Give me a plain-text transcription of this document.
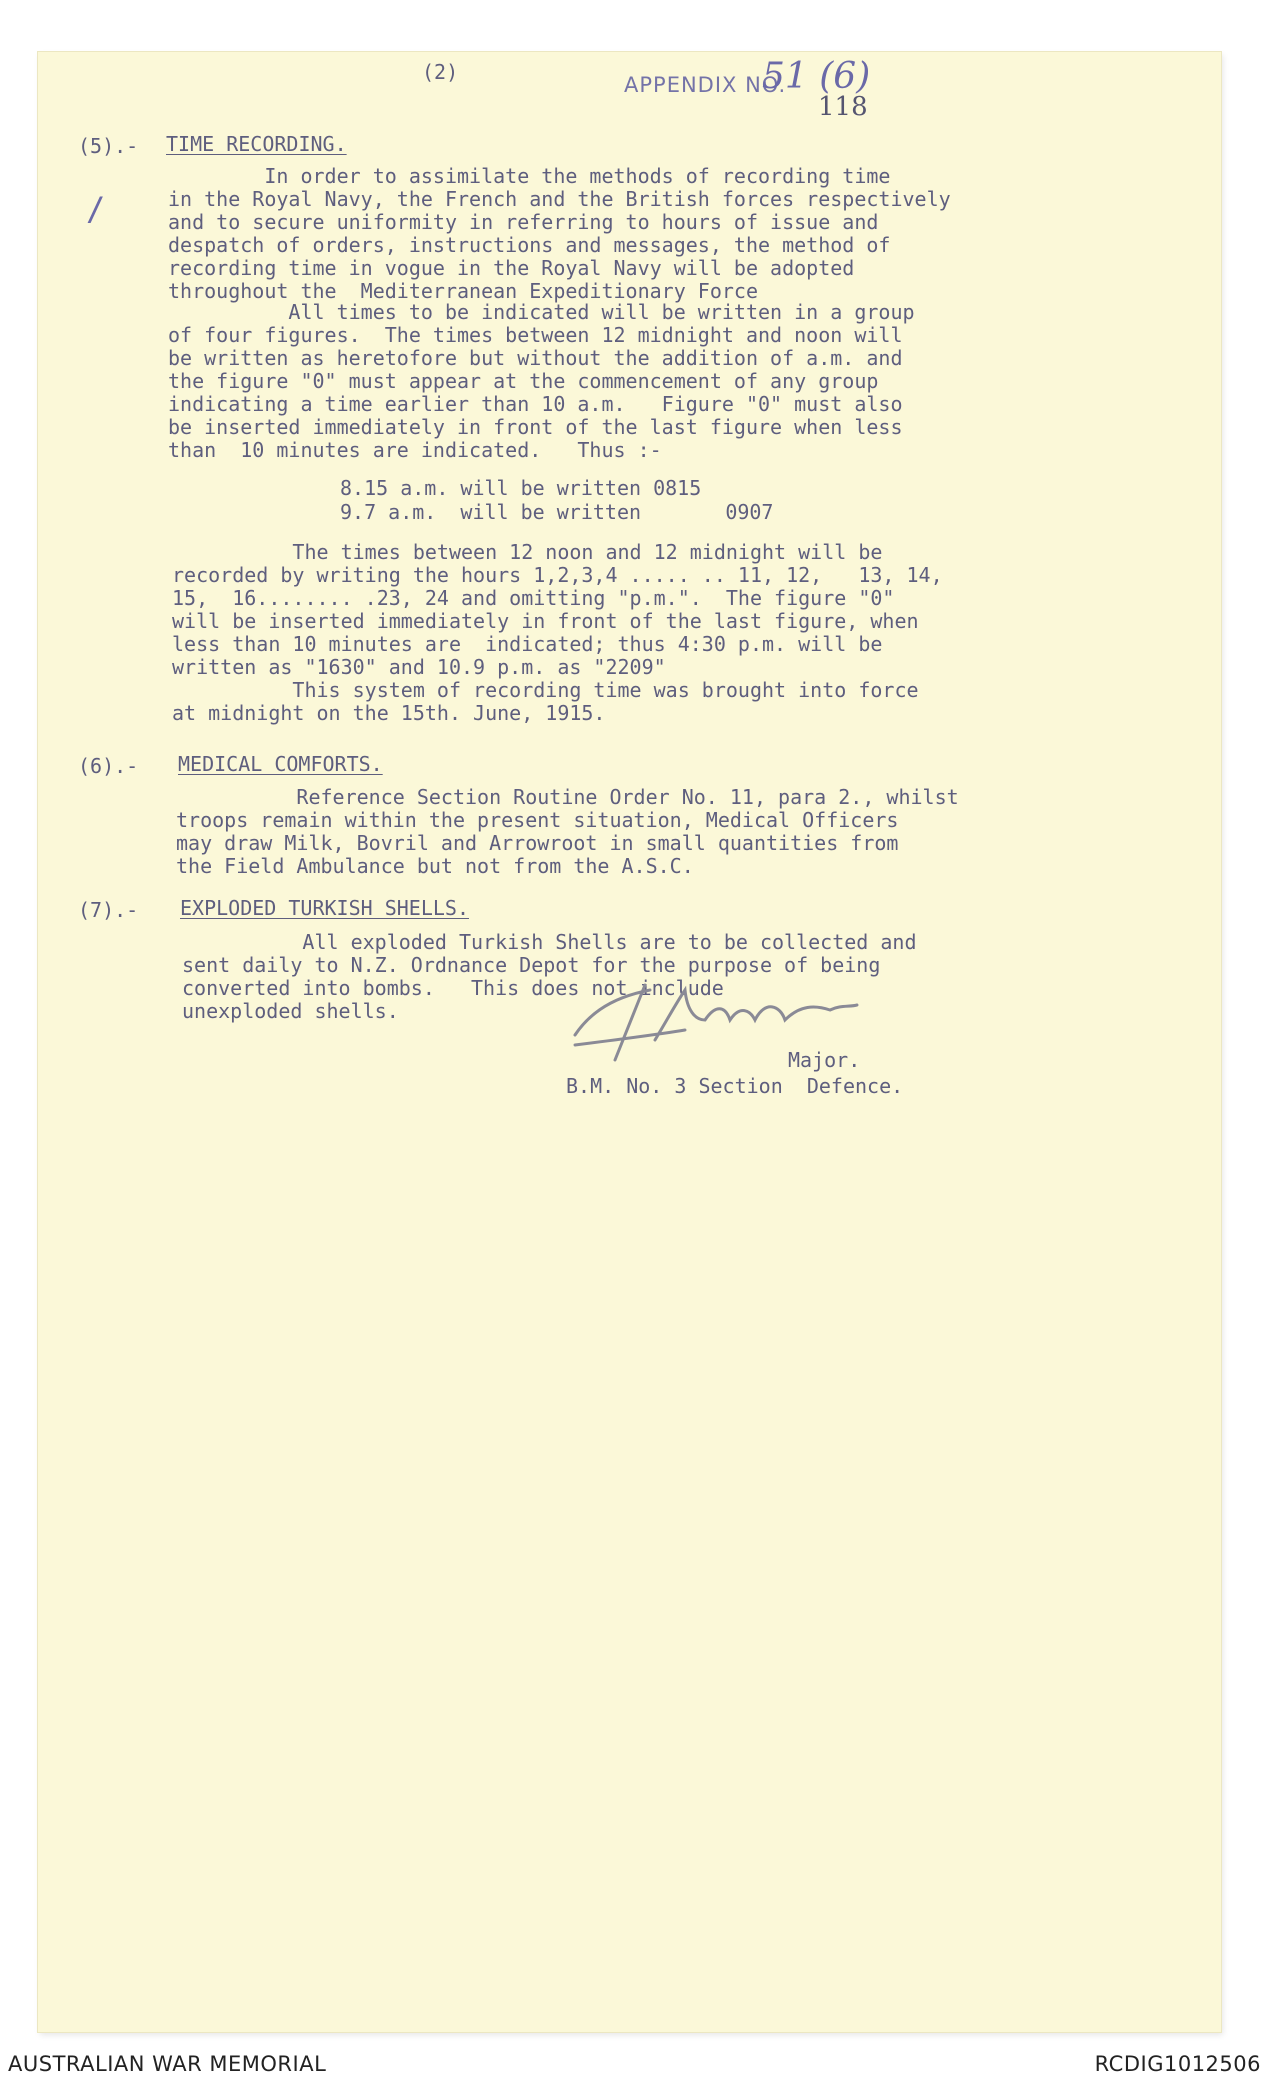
(2)
APPENDIX NO.
51 (6)
118
/
(5).- TIME RECORDING.
In order to assimilate the methods of recording time
in the Royal Navy, the French and the British forces respectively
and to secure uniformity in referring to hours of issue and
despatch of orders, instructions and messages, the method of
recording time in vogue in the Royal Navy will be adopted
throughout the  Mediterranean Expeditionary Force
All times to be indicated will be written in a group
of four figures.  The times between 12 midnight and noon will
be written as heretofore but without the addition of a.m. and
the figure "0" must appear at the commencement of any group
indicating a time earlier than 10 a.m.   Figure "0" must also
be inserted immediately in front of the last figure when less
than  10 minutes are indicated.   Thus :-
8.15 a.m. will be written 0815
9.7 a.m.  will be written       0907
The times between 12 noon and 12 midnight will be
recorded by writing the hours 1,2,3,4 ..... .. 11, 12,   13, 14,
15,  16........ .23, 24 and omitting "p.m.".  The figure "0"
will be inserted immediately in front of the last figure, when
less than 10 minutes are  indicated; thus 4:30 p.m. will be
written as "1630" and 10.9 p.m. as "2209"
This system of recording time was brought into force
at midnight on the 15th. June, 1915.
(6).- MEDICAL COMFORTS.
Reference Section Routine Order No. 11, para 2., whilst
troops remain within the present situation, Medical Officers
may draw Milk, Bovril and Arrowroot in small quantities from
the Field Ambulance but not from the A.S.C.
(7).- EXPLODED TURKISH SHELLS.
All exploded Turkish Shells are to be collected and
sent daily to N.Z. Ordnance Depot for the purpose of being
converted into bombs.   This does not include
unexploded shells.
Major.
B.M. No. 3 Section  Defence.
AUSTRALIAN WAR MEMORIAL	RCDIG1012506
